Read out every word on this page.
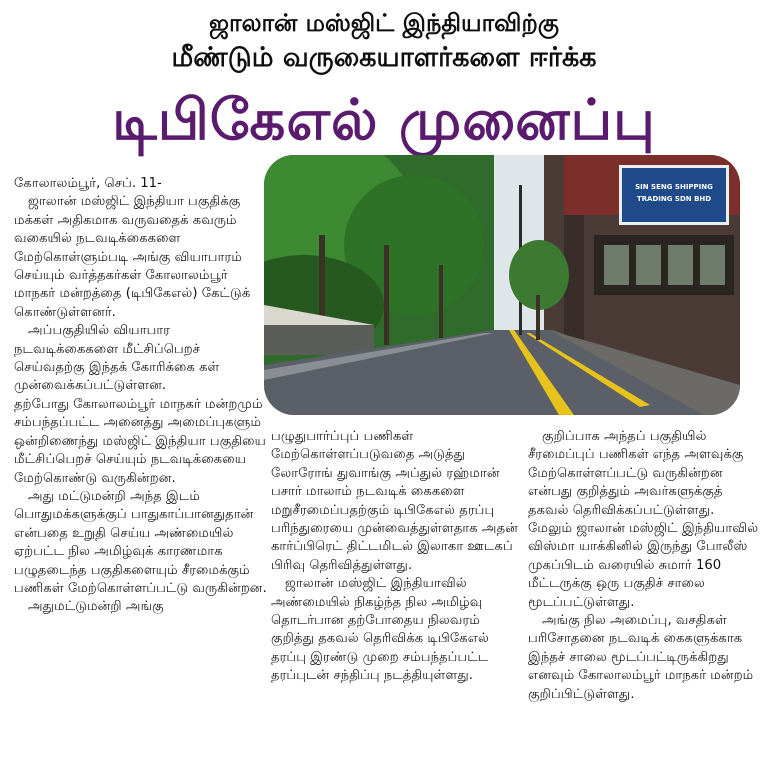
ஜாலான் மஸ்ஜிட் இந்தியாவிற்கு
மீண்டும் வருகையாளர்களை ஈர்க்க
டிபிகேஎல் முனைப்பு
SIN SENG SHIPPING
TRADING SDN BHD

கோலாலம்பூர், செப். 11-

ஜாலான் மஸ்ஜிட் இந்தியா பகுதிக்கு மக்கள் அதிகமாக வருவதைக் கவரும் வகையில் நடவடிக்கைகளை மேற்கொள்ளும்படி அங்கு வியாபாரம் செய்யும் வர்த்தகர்கள் கோலாலம்பூர் மாநகர் மன்றத்தை (டிபிகேஎல்) கேட்டுக் கொண்டுள்ளனர்.

அப்பகுதியில் வியாபார நடவடிக்கைகளை மீட்சிப்பெறச் செய்வதற்கு இந்தக் கோரிக்கை கள் முன்வைக்கப்பட்டுள்ளன.

தற்போது கோலாலம்பூர் மாநகர் மன்றமும் சம்பந்தப்பட்ட அனைத்து அமைப்புகளும் ஒன்றிணைந்து மஸ்ஜிட் இந்தியா பகுதியை மீட்சிப்பெறச் செய்யும் நடவடிக்கையை மேற்கொண்டு வருகின்றன.

அது மட்டுமன்றி அந்த இடம் பொதுமக்களுக்குப் பாதுகாப்பானதுதான் என்பதை உறுதி செய்ய அண்மையில் ஏற்பட்ட நில அமிழ்வுக் காரணமாக பழுதடைந்த பகுதிகளையும் சீரமைக்கும் பணிகள் மேற்கொள்ளப்பட்டு வருகின்றன.

அதுமட்டுமன்றி அங்கு

பழுதுபார்ப்புப் பணிகள் மேற்கொள்ளப்படுவதை அடுத்து லோரோங் துவாங்கு அப்துல் ரஹ்மான் பசார் மாலாம் நடவடிக் கைகளை மறுசீரமைப்பதற்கும் டிபிகேஎல் தரப்பு பரிந்துரையை முன்வைத்துள்ளதாக அதன் கார்ப்பிரெட் திட்டமிடல் இலாகா ஊடகப் பிரிவு தெரிவித்துள்ளது.

ஜாலான் மஸ்ஜிட் இந்தியாவில் அண்மையில் நிகழ்ந்த நில அமிழ்வு தொடர்பான தற்போதைய நிலவரம் குறித்து தகவல் தெரிவிக்க டிபிகேஎல் தரப்பு இரண்டு முறை சம்பந்தப்பட்ட தரப்புடன் சந்திப்பு நடத்தியுள்ளது.

குறிப்பாக அந்தப் பகுதியில் சீரமைப்புப் பணிகள் எந்த அளவுக்கு மேற்கொள்ளப்பட்டு வருகின்றன என்பது குறித்தும் அவர்களுக்குத் தகவல் தெரிவிக்கப்பட்டுள்ளது. மேலும் ஜாலான் மஸ்ஜிட் இந்தியாவில் விஸ்மா யாக்கினில் இருந்து போலீஸ் முகப்பிடம் வரையில் சுமார் 160 மீட்டருக்கு ஒரு பகுதிச் சாலை மூடப்பட்டுள்ளது.

அங்கு நில அமைப்பு, வசதிகள் பரிசோதனை நடவடிக் கைகளுக்காக இந்தச் சாலை மூடப்பட்டிருக்கிறது எனவும் கோலாலம்பூர் மாநகர் மன்றம் குறிப்பிட்டுள்ளது.
